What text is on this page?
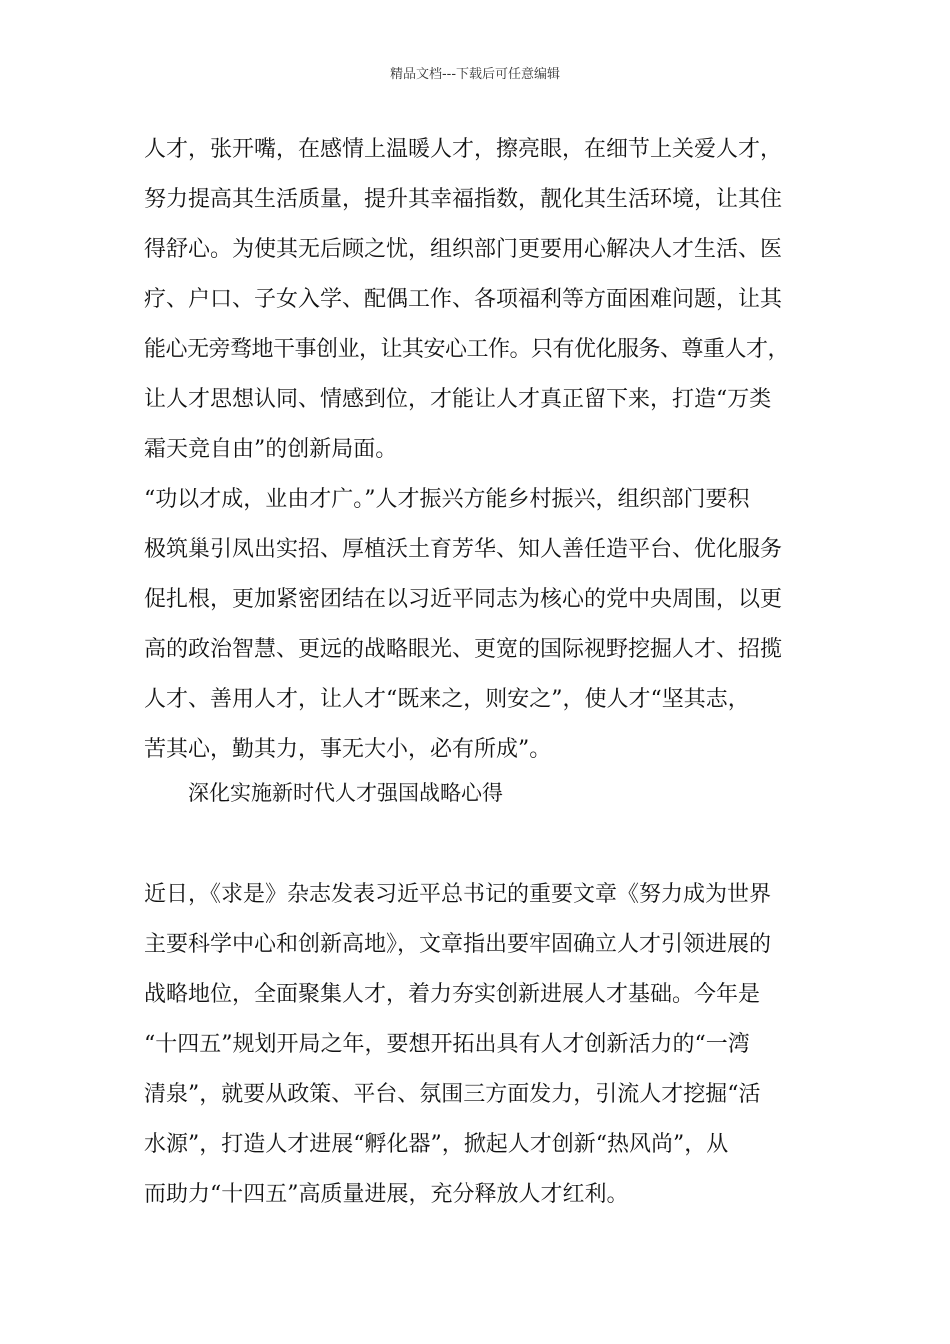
精品文档---下载后可任意编辑
人才，张开嘴，在感情上温暖人才，擦亮眼，在细节上关爱人才，
努力提高其生活质量，提升其幸福指数，靓化其生活环境，让其住
得舒心。为使其无后顾之忧，组织部门更要用心解决人才生活、医
疗、户口、子女入学、配偶工作、各项福利等方面困难问题，让其
能心无旁骛地干事创业，让其安心工作。只有优化服务、尊重人才，
让人才思想认同、情感到位，才能让人才真正留下来，打造“万类
霜天竞自由”的创新局面。
“功以才成，业由才广。”人才振兴方能乡村振兴，组织部门要积
极筑巢引凤出实招、厚植沃土育芳华、知人善任造平台、优化服务
促扎根，更加紧密团结在以习近平同志为核心的党中央周围，以更
高的政治智慧、更远的战略眼光、更宽的国际视野挖掘人才、招揽
人才、善用人才，让人才“既来之，则安之”，使人才“坚其志，
苦其心，勤其力，事无大小，必有所成”。
深化实施新时代人才强国战略心得
近日，《求是》杂志发表习近平总书记的重要文章《努力成为世界
主要科学中心和创新高地》，文章指出要牢固确立人才引领进展的
战略地位，全面聚集人才，着力夯实创新进展人才基础。今年是
“十四五”规划开局之年，要想开拓出具有人才创新活力的“一湾
清泉”，就要从政策、平台、氛围三方面发力，引流人才挖掘“活
水源”，打造人才进展“孵化器”，掀起人才创新“热风尚”，从
而助力“十四五”高质量进展，充分释放人才红利。
